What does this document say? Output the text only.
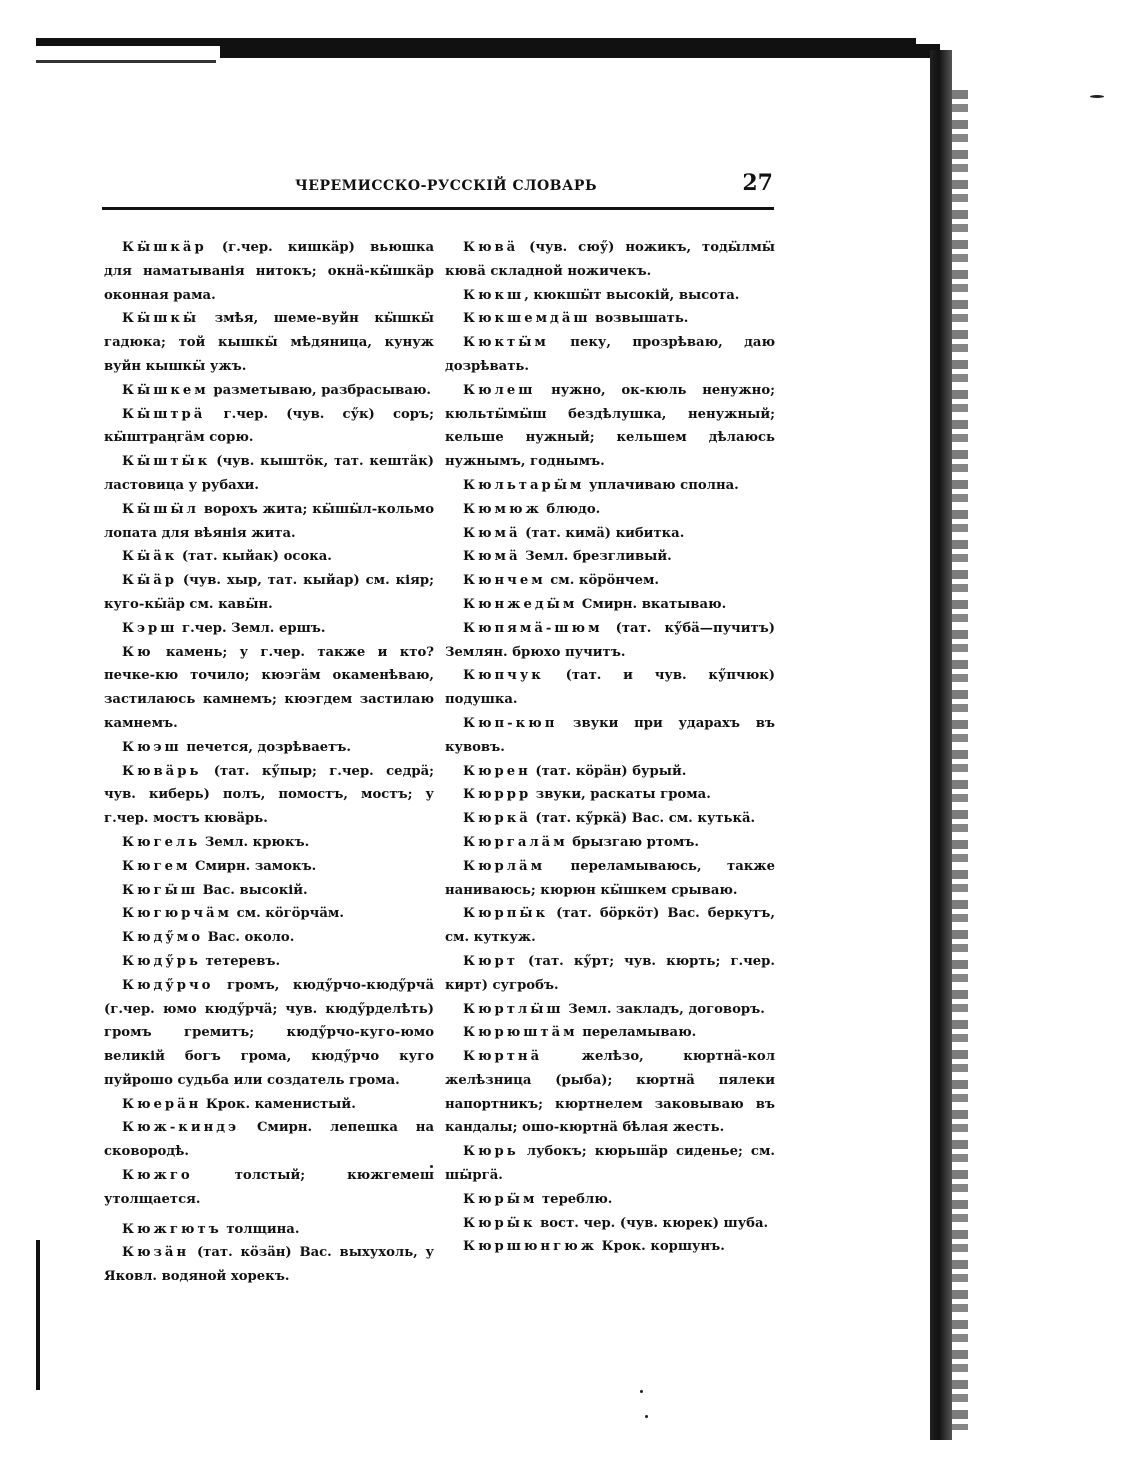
ЧЕРЕМИССКО-РУССКІЙ СЛОВАРЬ	27

Кӹшкӓр (г.чер. кишкӓр) вьюшка для наматыванія нитокъ; окнӓ-кӹшкӓр оконная рама.

Кӹшкӹ змѣя, шеме-вуйн кӹшкӹ гадюка; той кышкӹ мѣдяница, кунуж вуйн кышкӹ ужъ.

Кӹшкем разметываю, разбрасываю.

Кӹштрӓ г.чер. (чув. сӳк) соръ; кӹштраңгӓм сорю.

Кӹштӹк (чув. кыштӧк, тат. кештӓк) ластовица у рубахи.

Кӹшӹл ворохъ жита; кӹшӹл-кольмо лопата для вѣянія жита.

Кӹӓк (тат. кыйак) осока.

Кӹӓр (чув. хыр, тат. кыйар) см. кіяр; куго-кӹӓр см. кавӹн.

Кэрш г.чер. Земл. ершъ.

Кю камень; у г.чер. также и кто? печке-кю точило; кюэгӓм окаменѣваю, застилаюсь камнемъ; кюэгдем застилаю камнемъ.

Кюэш печется, дозрѣваетъ.

Кювӓрь (тат. кӳпыр; г.чер. седрӓ; чув. киберь) полъ, помостъ, мостъ; у г.чер. мостъ кювӓрь.

Кюгель Земл. крюкъ.

Кюгем Смирн. замокъ.

Кюгӹш Вас. высокій.

Кюгюрчӓм см. кӧгӧрчӓм.

Кюдӳмо Вас. около.

Кюдӳрь тетеревъ.

Кюдӳрчо громъ, кюдӳрчо-кюдӳрчӓ (г.чер. юмо кюдӳрчӓ; чув. кюдӳрделѣть) громъ гремитъ; кюдӳрчо-куго-юмо великій богъ грома, кюдӳрчо куго пуйрошо судьба или создатель грома.

Кюерӓн Крок. каменистый.

Кюж-киндэ Смирн. лепешка на сковородѣ.

Кюжго толстый; кюжгемеш утолщается.

Кюжгютъ толщина.

Кюзӓн (тат. кӧзӓн) Вас. выхухоль, у Яковл. водяной хорекъ.

Кювӓ (чув. сюӳ) ножикъ, тодӹлмӹ кювӓ складной ножичекъ.

Кюкш, кюкшӹт высокій, высота.

Кюкшемдӓш возвышать.

Кюктӹм пеку, прозрѣваю, даю дозрѣвать.

Кюлеш нужно, ок-кюль ненужно; кюльтӹмӹш бездѣлушка, ненужный; кельше нужный; кельшем дѣлаюсь нужнымъ, годнымъ.

Кюльтарӹм уплачиваю сполна.

Кюмюж блюдо.

Кюмӓ (тат. кимӓ) кибитка.

Кюмӓ Земл. брезгливый.

Кюнчем см. кӧрӧнчем.

Кюнжедӹм Смирн. вкатываю.

Кюпямӓ-шюм (тат. кӳбӓ—пучитъ) Землян. брюхо пучитъ.

Кюпчук (тат. и чув. кӳпчюк) подушка.

Кюп-кюп звуки при ударахъ въ кувовъ.

Кюрен (тат. кӧрӓн) бурый.

Кюррр звуки, раскаты грома.

Кюркӓ (тат. кӳркӓ) Вас. см. кутькӓ.

Кюргалӓм брызгаю ртомъ.

Кюрлӓм переламываюсь, также наниваюсь; кюрюн кӹшкем срываю.

Кюрпӹк (тат. бӧркӧт) Вас. беркутъ, см. куткуж.

Кюрт (тат. кӳрт; чув. кюрть; г.чер. кирт) сугробъ.

Кюртлӹш Земл. закладъ, договоръ.

Кюрюштӓм переламываю.

Кюртнӓ желѣзо, кюртнӓ-кол желѣзница (рыба); кюртнӓ пялеки напортникъ; кюртнелем заковываю въ кандалы; ошо-кюртнӓ бѣлая жесть.

Кюрь лубокъ; кюрьшӓр сиденье; см. шӹргӓ.

Кюрӹм тереблю.

Кюрӹк вост. чер. (чув. кюрек) шуба.

Кюршюнгюж Крок. коршунъ.
